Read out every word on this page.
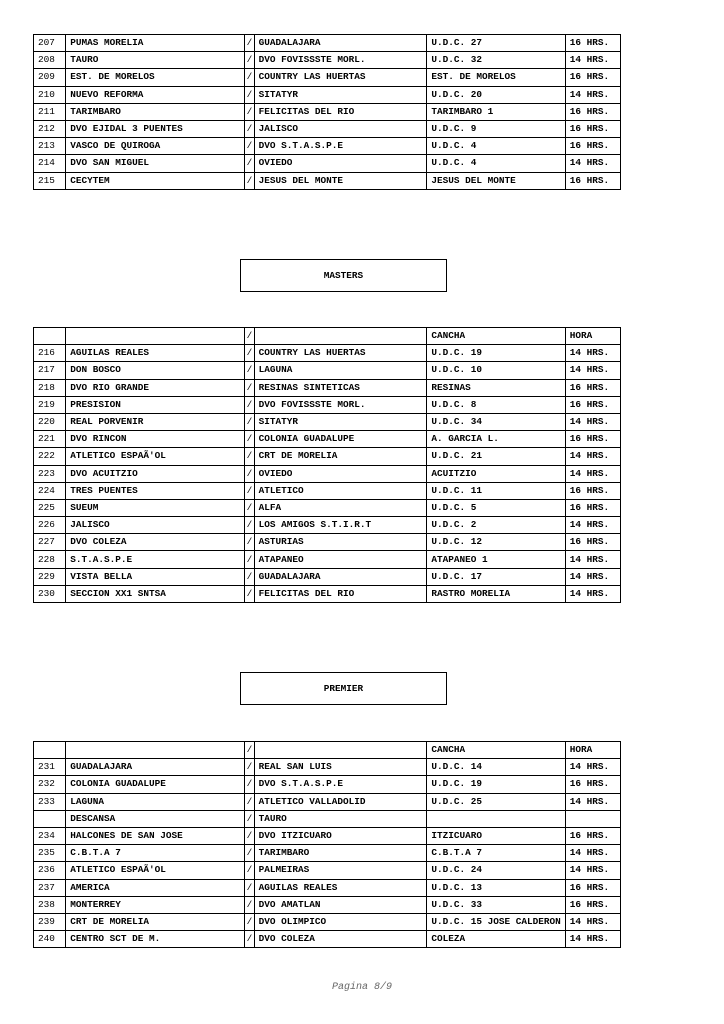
207	PUMAS MORELIA	/	GUADALAJARA	U.D.C. 27	16 HRS.
208	TAURO	/	DVO FOVISSSTE MORL.	U.D.C. 32	14 HRS.
209	EST. DE MORELOS	/	COUNTRY LAS HUERTAS	EST. DE MORELOS	16 HRS.
210	NUEVO REFORMA	/	SITATYR	U.D.C. 20	14 HRS.
211	TARIMBARO	/	FELICITAS DEL RIO	TARIMBARO 1	16 HRS.
212	DVO EJIDAL 3 PUENTES	/	JALISCO	U.D.C. 9	16 HRS.
213	VASCO DE QUIROGA	/	DVO S.T.A.S.P.E	U.D.C. 4	16 HRS.
214	DVO SAN MIGUEL	/	OVIEDO	U.D.C. 4	14 HRS.
215	CECYTEM	/	JESUS DEL MONTE	JESUS DEL MONTE	16 HRS.
MASTERS
		/		CANCHA	HORA
216	AGUILAS REALES	/	COUNTRY LAS HUERTAS	U.D.C. 19	14 HRS.
217	DON BOSCO	/	LAGUNA	U.D.C. 10	14 HRS.
218	DVO RIO GRANDE	/	RESINAS SINTETICAS	RESINAS	16 HRS.
219	PRESISION	/	DVO FOVISSSTE MORL.	U.D.C. 8	16 HRS.
220	REAL PORVENIR	/	SITATYR	U.D.C. 34	14 HRS.
221	DVO RINCON	/	COLONIA GUADALUPE	A. GARCIA L.	16 HRS.
222	ATLETICO ESPAÃ'OL	/	CRT DE MORELIA	U.D.C. 21	14 HRS.
223	DVO ACUITZIO	/	OVIEDO	ACUITZIO	14 HRS.
224	TRES PUENTES	/	ATLETICO	U.D.C. 11	16 HRS.
225	SUEUM	/	ALFA	U.D.C. 5	16 HRS.
226	JALISCO	/	LOS AMIGOS S.T.I.R.T	U.D.C. 2	14 HRS.
227	DVO COLEZA	/	ASTURIAS	U.D.C. 12	16 HRS.
228	S.T.A.S.P.E	/	ATAPANEO	ATAPANEO 1	14 HRS.
229	VISTA BELLA	/	GUADALAJARA	U.D.C. 17	14 HRS.
230	SECCION XX1 SNTSA	/	FELICITAS DEL RIO	RASTRO MORELIA	14 HRS.
PREMIER
		/		CANCHA	HORA
231	GUADALAJARA	/	REAL SAN LUIS	U.D.C. 14	14 HRS.
232	COLONIA GUADALUPE	/	DVO S.T.A.S.P.E	U.D.C. 19	16 HRS.
233	LAGUNA	/	ATLETICO VALLADOLID	U.D.C. 25	14 HRS.
	DESCANSA	/	TAURO		
234	HALCONES DE SAN JOSE	/	DVO ITZICUARO	ITZICUARO	16 HRS.
235	C.B.T.A 7	/	TARIMBARO	C.B.T.A 7	14 HRS.
236	ATLETICO ESPAÃ'OL	/	PALMEIRAS	U.D.C. 24	14 HRS.
237	AMERICA	/	AGUILAS REALES	U.D.C. 13	16 HRS.
238	MONTERREY	/	DVO AMATLAN	U.D.C. 33	16 HRS.
239	CRT DE MORELIA	/	DVO OLIMPICO	U.D.C. 15 JOSE CALDERON	14 HRS.
240	CENTRO SCT DE M.	/	DVO COLEZA	COLEZA	14 HRS.
Pagina 8/9
